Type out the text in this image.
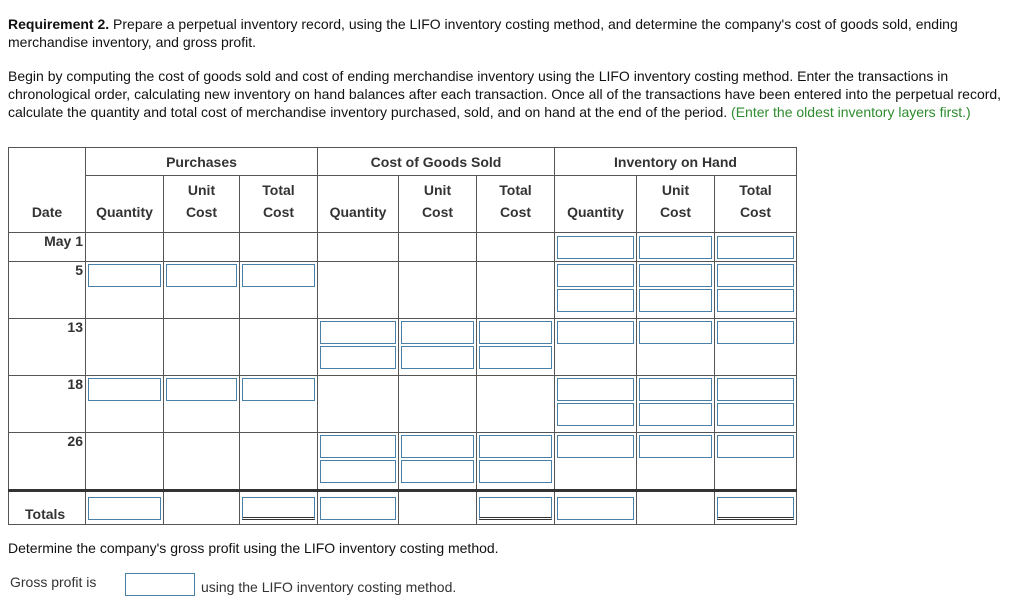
Requirement 2. Prepare a perpetual inventory record, using the LIFO inventory costing method, and determine the company's cost of goods sold, ending merchandise inventory, and gross profit.
Begin by computing the cost of goods sold and cost of ending merchandise inventory using the LIFO inventory costing method. Enter the transactions in chronological order, calculating new inventory on hand balances after each transaction. Once all of the transactions have been entered into the perpetual record, calculate the quantity and total cost of merchandise inventory purchased, sold, and on hand at the end of the period. (Enter the oldest inventory layers first.)
	Purchases			Cost of Goods Sold			Inventory on Hand		
		Unit	Total		Unit	Total		Unit	Total
Date	Quantity	Cost	Cost	Quantity	Cost	Cost	Quantity	Cost	Cost
May 1							

5	

13				

18	

26				

Totals	

Determine the company's gross profit using the LIFO inventory costing method.
Gross profit is	using the LIFO inventory costing method.
